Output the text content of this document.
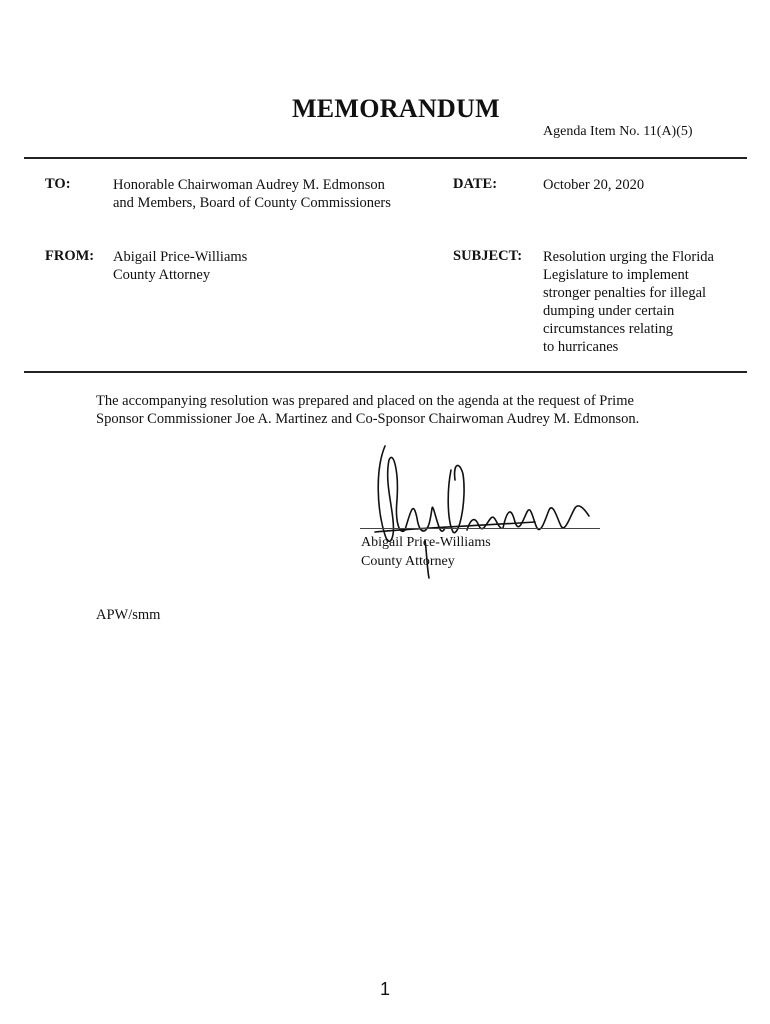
MEMORANDUM
Agenda Item No. 11(A)(5)
TO:	Honorable Chairwoman Audrey M. Edmonson
and Members, Board of County Commissioners
DATE:	October 20, 2020
FROM: Abigail Price-Williams
County Attorney
SUBJECT: Resolution urging the Florida
Legislature to implement
stronger penalties for illegal
dumping under certain
circumstances relating
to hurricanes
The accompanying resolution was prepared and placed on the agenda at the request of Prime
Sponsor Commissioner Joe A. Martinez and Co-Sponsor Chairwoman Audrey M. Edmonson.
Abigail Price-Williams
County Attorney
APW/smm
1
